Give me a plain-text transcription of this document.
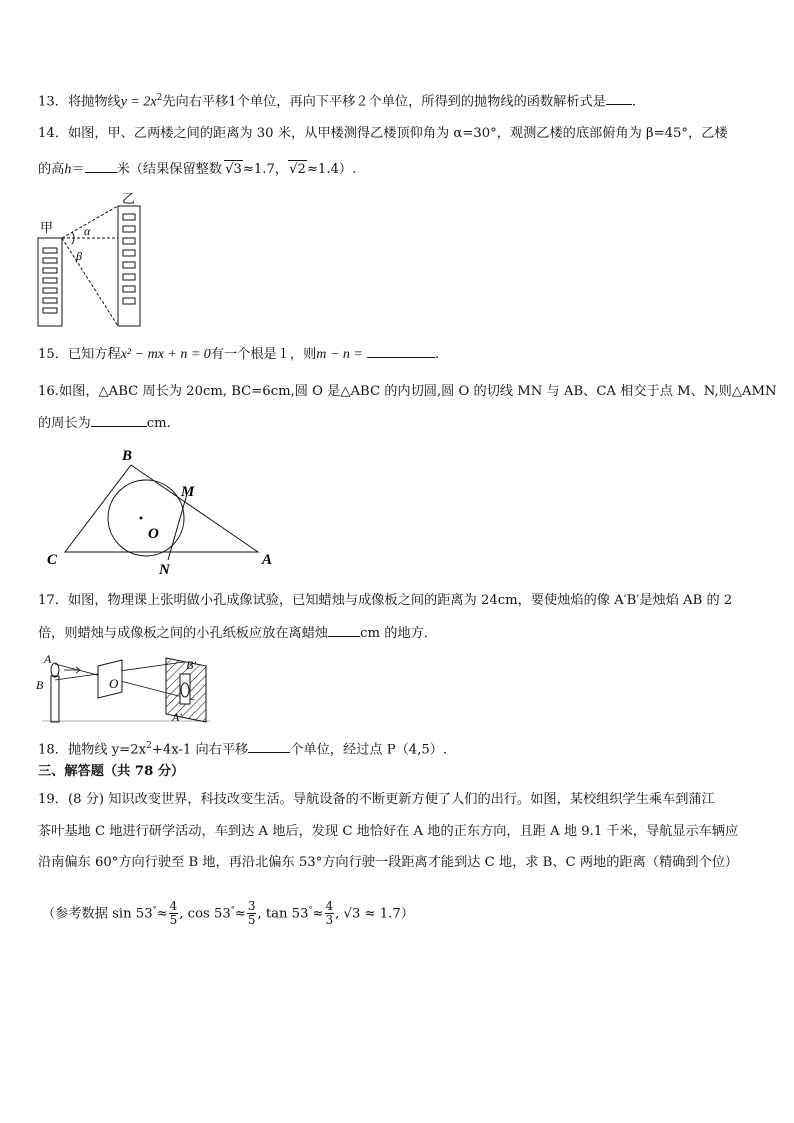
13．将抛物线$y = 2x^2$先向右平移1个单位，再向下平移２个单位，所得到的抛物线的函数解析式是 .
14．如图，甲、乙两楼之间的距离为 30 米，从甲楼测得乙楼顶仰角为 α=30°，观测乙楼的底部俯角为 β=45°，乙楼
的高h＝ 米（结果保留整数 √3≈1.7，√2≈1.4）.
甲
乙
α
β
15．已知方程x² − mx + n = 0有一个根是１，则m − n =	.
16.如图，△ABC 周长为 20cm, BC=6cm,圆 O 是△ABC 的内切圆,圆 O 的切线 MN 与 AB、CA 相交于点 M、N,则△AMN
的周长为	cm.
B
M
O
C
N
A
17．如图，物理课上张明做小孔成像试验，已知蜡烛与成像板之间的距离为 24cm，要使烛焰的像 A′B′是烛焰 AB 的 2
倍，则蜡烛与成像板之间的小孔纸板应放在离蜡烛 cm 的地方．
A
B	O
B′
A′
18．抛物线 $y=2x^2+4x-1$ 向右平移	个单位，经过点 P（4,5）.
三、解答题（共 78 分）
19．(8 分) 知识改变世界，科技改变生活。导航设备的不断更新方便了人们的出行。如图，某校组织学生乘车到蒲江
茶叶基地 C 地进行研学活动，车到达 A 地后，发现 C 地恰好在 A 地的正东方向，且距 A 地 9.1 千米，导航显示车辆应
沿南偏东 60°方向行驶至 B 地，再沿北偏东 53°方向行驶一段距离才能到达 C 地，求 B、C 两地的距离（精确到个位）
（参考数据 $\sin 53^\circ\approx \frac{4}{5}$ , $\cos 53^\circ\approx \frac{3}{5}$ , $\tan 53^\circ\approx \frac{4}{3}$ , √3 ≈ 1.7）
